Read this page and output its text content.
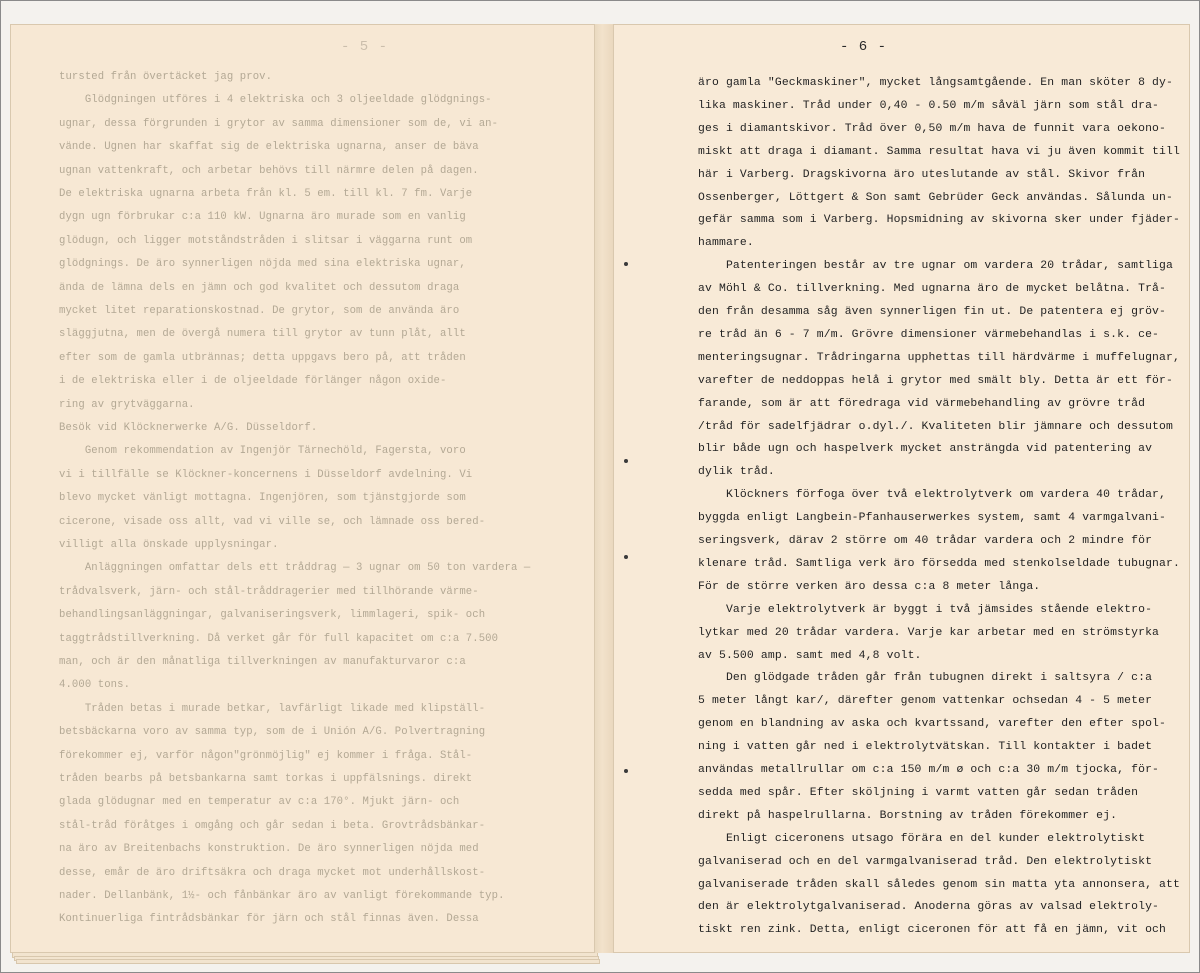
- 5 -
tursted från övertäcket jag prov.
Glödgningen utföres i 4 elektriska och 3 oljeeldade glödgnings-
ugnar, dessa förgrunden i grytor av samma dimensioner som de, vi an-
vände. Ugnen har skaffat sig de elektriska ugnarna, anser de bäva
ugnan vattenkraft, och arbetar behövs till närmre delen på dagen.
De elektriska ugnarna arbeta från kl. 5 em. till kl. 7 fm. Varje
dygn ugn förbrukar c:a 110 kW. Ugnarna äro murade som en vanlig
glödugn, och ligger motståndstråden i slitsar i väggarna runt om
glödgnings. De äro synnerligen nöjda med sina elektriska ugnar,
ända de lämna dels en jämn och god kvalitet och dessutom draga
mycket litet reparationskostnad. De grytor, som de använda äro
släggjutna, men de övergå numera till grytor av tunn plåt, allt
efter som de gamla utbrännas; detta uppgavs bero på, att tråden
i de elektriska eller i de oljeeldade förlänger någon oxide-
ring av grytväggarna.
Besök vid Klöcknerwerke A/G. Düsseldorf.
Genom rekommendation av Ingenjör Tärnechöld, Fagersta, voro
vi i tillfälle se Klöckner-koncernens i Düsseldorf avdelning. Vi
blevo mycket vänligt mottagna. Ingenjören, som tjänstgjorde som
cicerone, visade oss allt, vad vi ville se, och lämnade oss bered-
villigt alla önskade upplysningar.
Anläggningen omfattar dels ett tråddrag — 3 ugnar om 50 ton vardera —
trådvalsverk, järn- och stål-tråddragerier med tillhörande värme-
behandlingsanläggningar, galvaniseringsverk, limmlageri, spik- och
taggtrådstillverkning. Då verket går för full kapacitet om c:a 7.500
man, och är den månatliga tillverkningen av manufakturvaror c:a
4.000 tons.
Tråden betas i murade betkar, lavfärligt likade med klipställ-
betsbäckarna voro av samma typ, som de i Unión A/G. Polvertragning
förekommer ej, varför någon"grönmöjlig" ej kommer i fråga. Stål-
tråden bearbs på betsbankarna samt torkas i uppfälsnings. direkt
glada glödugnar med en temperatur av c:a 170°. Mjukt järn- och
stål-tråd föråtges i omgång och går sedan i beta. Grovtrådsbänkar-
na äro av Breitenbachs konstruktion. De äro synnerligen nöjda med
desse, emår de äro driftsäkra och draga mycket mot underhållskost-
nader. Dellanbänk, 1½- och fånbänkar äro av vanligt förekommande typ.
Kontinuerliga fintrådsbänkar för järn och stål finnas även. Dessa
- 6 -
äro gamla "Geckmaskiner", mycket långsamtgående. En man sköter 8 dy-
lika maskiner. Tråd under 0,40 - 0.50 m/m såväl järn som stål dra-
ges i diamantskivor. Tråd över 0,50 m/m hava de funnit vara oekono-
miskt att draga i diamant. Samma resultat hava vi ju även kommit till
här i Varberg. Dragskivorna äro uteslutande av stål. Skivor från
Ossenberger, Löttgert & Son samt Gebrüder Geck användas. Sålunda un-
gefär samma som i Varberg. Hopsmidning av skivorna sker under fjäder-
hammare.
Patenteringen består av tre ugnar om vardera 20 trådar, samtliga
av Möhl & Co. tillverkning. Med ugnarna äro de mycket belåtna. Trå-
den från desamma såg även synnerligen fin ut. De patentera ej gröv-
re tråd än 6 - 7 m/m. Grövre dimensioner värmebehandlas i s.k. ce-
menteringsugnar. Trådringarna upphettas till härdvärme i muffelugnar,
varefter de neddoppas helå i grytor med smält bly. Detta är ett för-
farande, som är att föredraga vid värmebehandling av grövre tråd
/tråd för sadelfjädrar o.dyl./. Kvaliteten blir jämnare och dessutom
blir både ugn och haspelverk mycket ansträngda vid patentering av
dylik tråd.
Klöckners förfoga över två elektrolytverk om vardera 40 trådar,
byggda enligt Langbein-Pfanhauserwerkes system, samt 4 varmgalvani-
seringsverk, därav 2 större om 40 trådar vardera och 2 mindre för
klenare tråd. Samtliga verk äro försedda med stenkolseldade tubugnar.
För de större verken äro dessa c:a 8 meter långa.
Varje elektrolytverk är byggt i två jämsides stående elektro-
lytkar med 20 trådar vardera. Varje kar arbetar med en strömstyrka
av 5.500 amp. samt med 4,8 volt.
Den glödgade tråden går från tubugnen direkt i saltsyra / c:a
5 meter långt kar/, därefter genom vattenkar ochsedan 4 - 5 meter
genom en blandning av aska och kvartssand, varefter den efter spol-
ning i vatten går ned i elektrolytvätskan. Till kontakter i badet
användas metallrullar om c:a 150 m/m ø och c:a 30 m/m tjocka, för-
sedda med spår. Efter sköljning i varmt vatten går sedan tråden
direkt på haspelrullarna. Borstning av tråden förekommer ej.
Enligt ciceronens utsago förära en del kunder elektrolytiskt
galvaniserad och en del varmgalvaniserad tråd. Den elektrolytiskt
galvaniserade tråden skall således genom sin matta yta annonsera, att
den är elektrolytgalvaniserad. Anoderna göras av valsad elektroly-
tiskt ren zink. Detta, enligt ciceronen för att få en jämn, vit och
